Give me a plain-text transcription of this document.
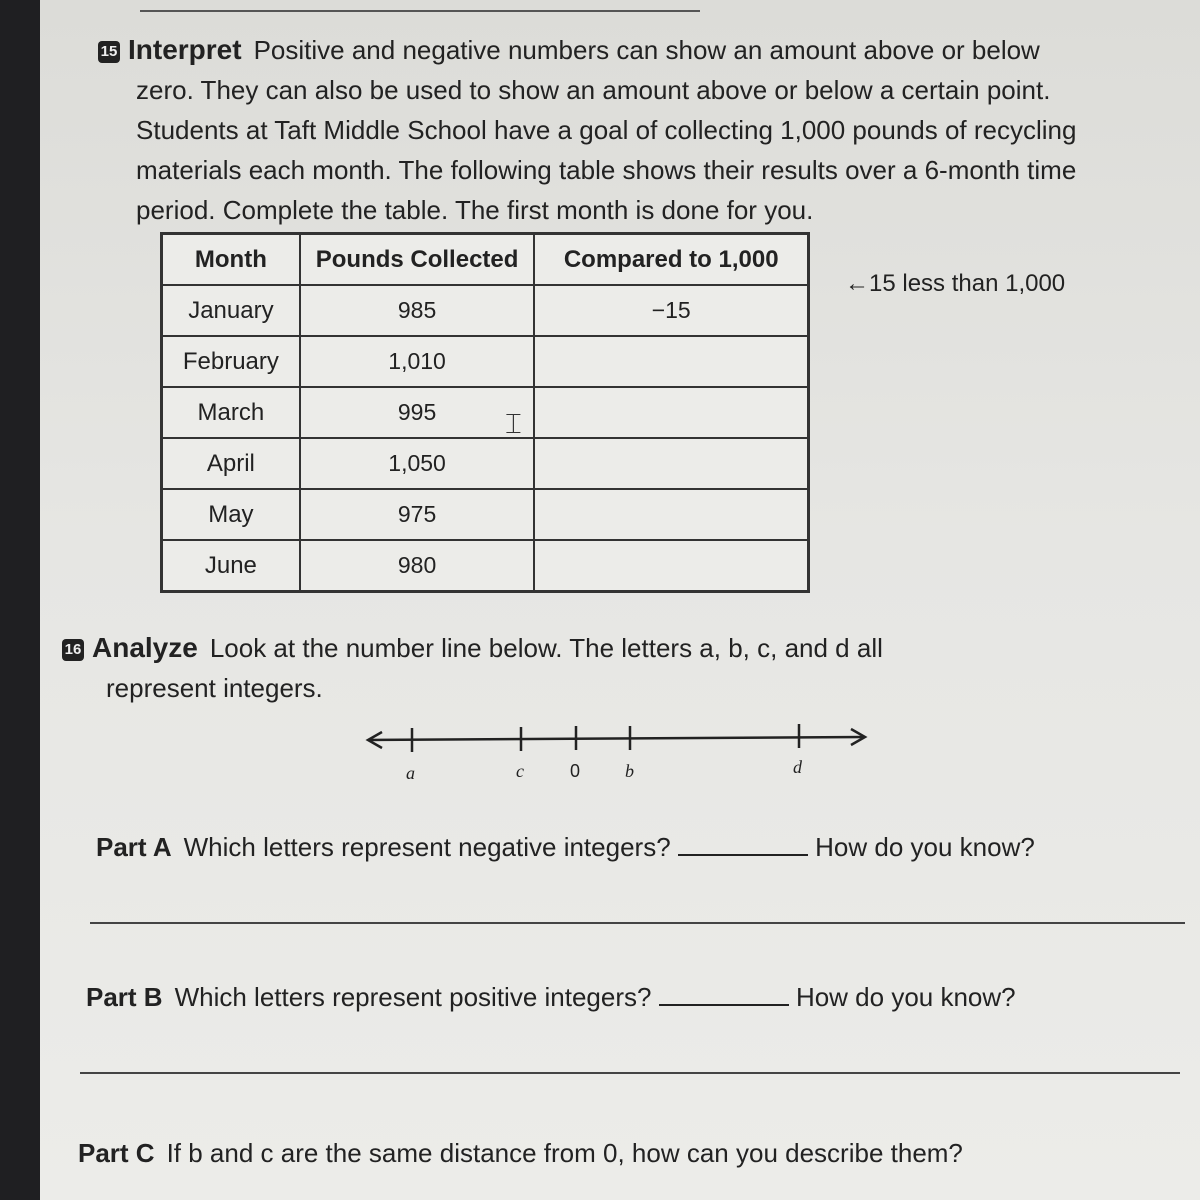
15 Interpret Positive and negative numbers can show an amount above or below
zero. They can also be used to show an amount above or below a certain point.
Students at Taft Middle School have a goal of collecting 1,000 pounds of recycling
materials each month. The following table shows their results over a 6-month time
period. Complete the table. The first month is done for you.
Month	Pounds Collected	Compared to 1,000
January	985	−15
February	1,010	
March	995	
April	1,050	
May	975	
June	980	
⌶
←15 less than 1,000
16 Analyze Look at the number line below. The letters a, b, c, and d all
represent integers.
a	c	0 b	d
Part A Which letters represent negative integers?	How do you know?
Part B Which letters represent positive integers?	How do you know?
Part C If b and c are the same distance from 0, how can you describe them?
